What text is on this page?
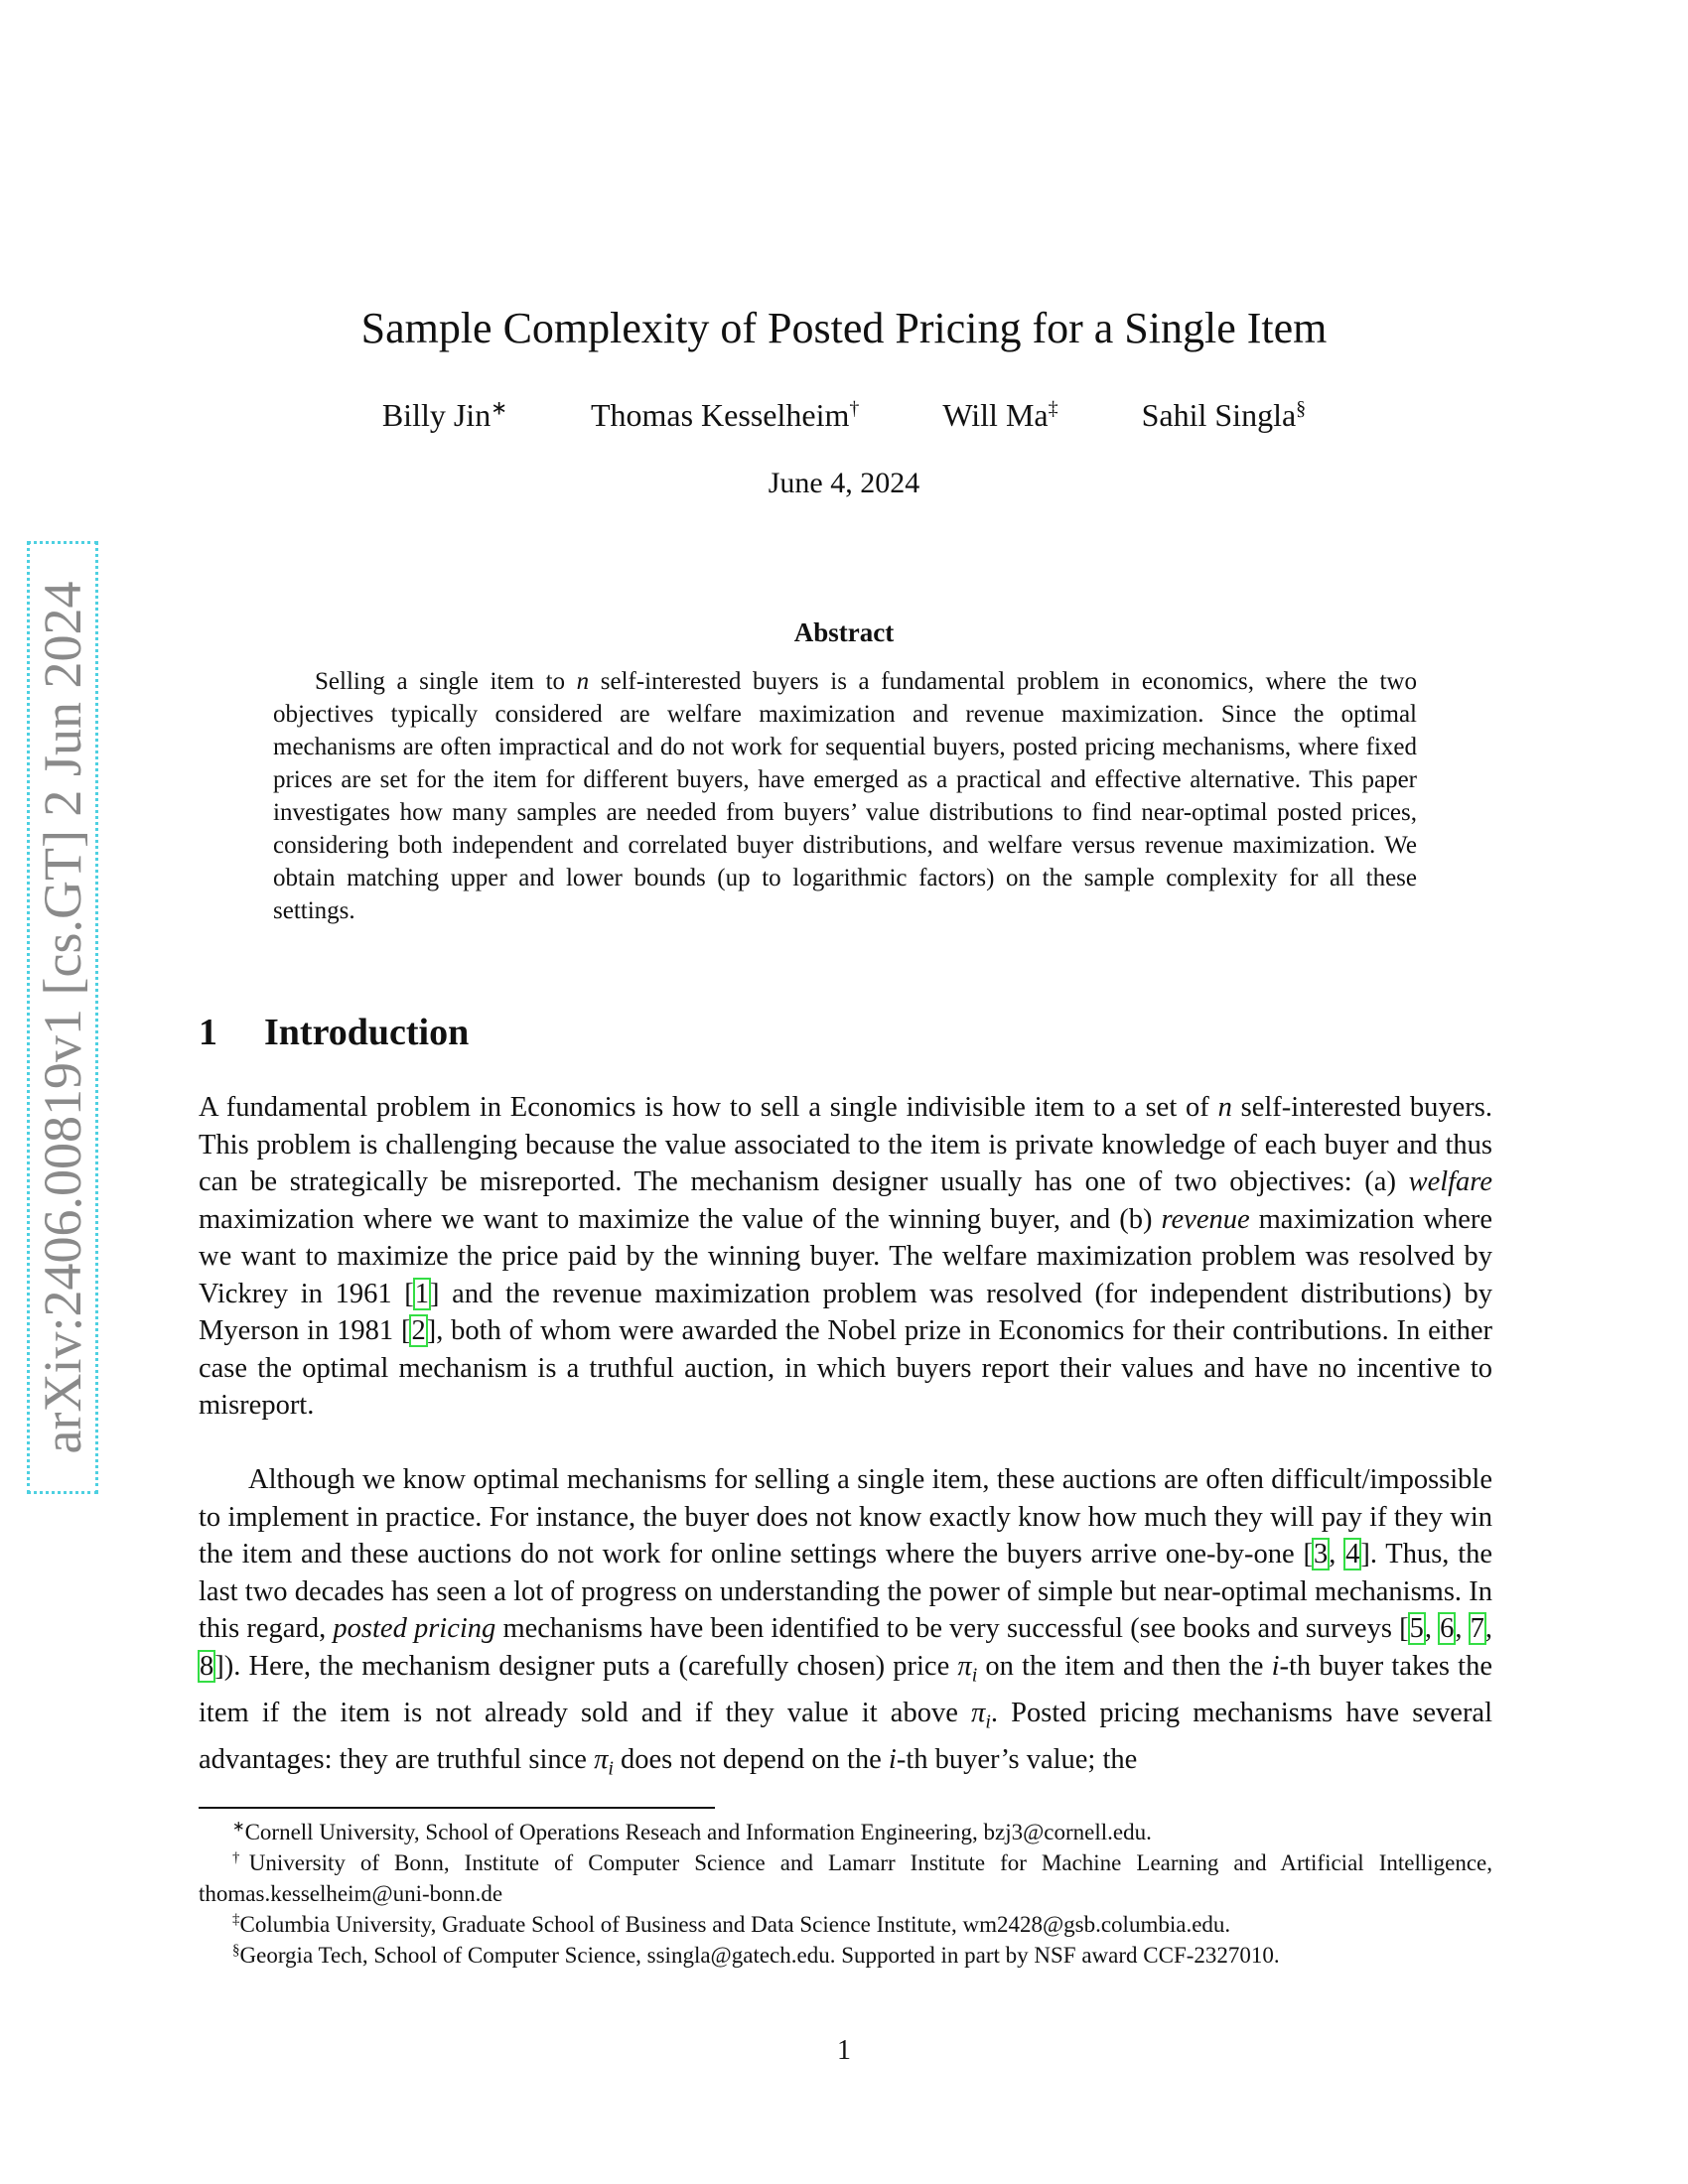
arXiv:2406.00819v1 [cs.GT] 2 Jun 2024
Sample Complexity of Posted Pricing for a Single Item
Billy Jin∗	Thomas Kesselheim†	Will Ma‡	Sahil Singla§
June 4, 2024
Abstract

Selling a single item to n self-interested buyers is a fundamental problem in economics, where the two objectives typically considered are welfare maximization and revenue maximization. Since the optimal mechanisms are often impractical and do not work for sequential buyers, posted pricing mechanisms, where fixed prices are set for the item for different buyers, have emerged as a practical and effective alternative. This paper investigates how many samples are needed from buyers’ value distributions to find near-optimal posted prices, considering both independent and correlated buyer distributions, and welfare versus revenue maximization. We obtain matching upper and lower bounds (up to logarithmic factors) on the sample complexity for all these settings.

1 Introduction

A fundamental problem in Economics is how to sell a single indivisible item to a set of n self-interested buyers. This problem is challenging because the value associated to the item is private knowledge of each buyer and thus can be strategically be misreported. The mechanism designer usually has one of two objectives: (a) welfare maximization where we want to maximize the value of the winning buyer, and (b) revenue maximization where we want to maximize the price paid by the winning buyer. The welfare maximization problem was resolved by Vickrey in 1961 [1] and the revenue maximization problem was resolved (for independent distributions) by Myerson in 1981 [2], both of whom were awarded the Nobel prize in Economics for their contributions. In either case the optimal mechanism is a truthful auction, in which buyers report their values and have no incentive to misreport.

Although we know optimal mechanisms for selling a single item, these auctions are often difficult/impossible to implement in practice. For instance, the buyer does not know exactly know how much they will pay if they win the item and these auctions do not work for online settings where the buyers arrive one-by-one [3, 4]. Thus, the last two decades has seen a lot of progress on understanding the power of simple but near-optimal mechanisms. In this regard, posted pricing mechanisms have been identified to be very successful (see books and surveys [5, 6, 7, 8]). Here, the mechanism designer puts a (carefully chosen) price $\pi_i$ on the item and then the i-th buyer takes the item if the item is not already sold and if they value it above $\pi_i$. Posted pricing mechanisms have several advantages: they are truthful since $\pi_i$ does not depend on the i-th buyer’s value; the

∗Cornell University, School of Operations Reseach and Information Engineering, bzj3@cornell.edu.

†University of Bonn, Institute of Computer Science and Lamarr Institute for Machine Learning and Artificial Intelligence, thomas.kesselheim@uni-bonn.de

‡Columbia University, Graduate School of Business and Data Science Institute, wm2428@gsb.columbia.edu.

§Georgia Tech, School of Computer Science, ssingla@gatech.edu. Supported in part by NSF award CCF-2327010.

1
